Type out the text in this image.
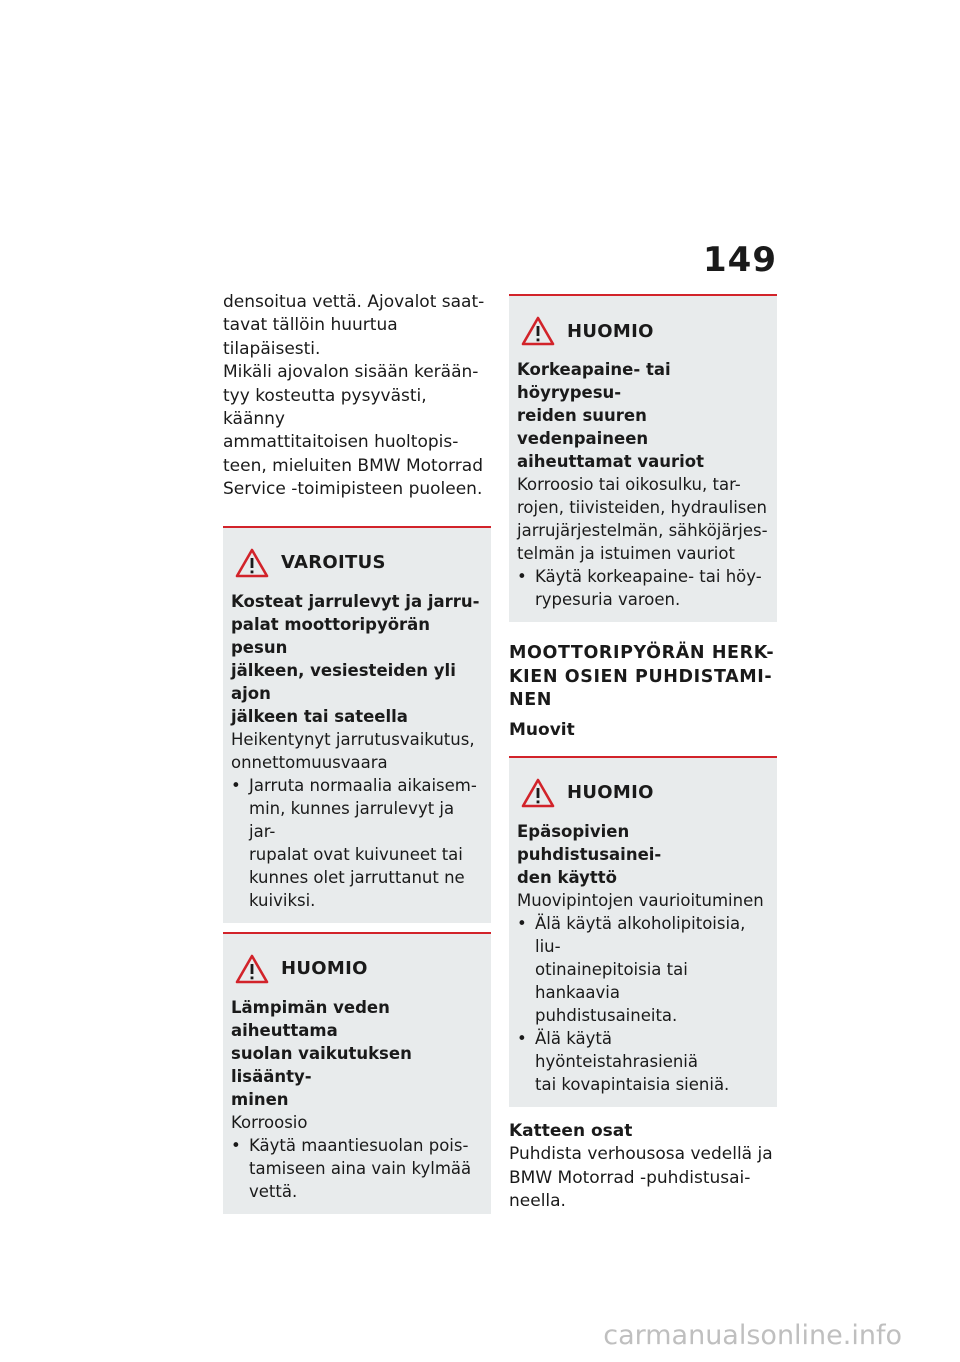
149

densoitua vettä. Ajovalot saat-
tavat tällöin huurtua tilapäisesti.
Mikäli ajovalon sisään kerään-
tyy kosteutta pysyvästi, käänny
ammattitaitoisen huoltopis-
teen, mieluiten BMW Motorrad
Service -toimipisteen puoleen.

VAROITUS

Kosteat jarrulevyt ja jarru-
palat moottoripyörän pesun
jälkeen, vesiesteiden yli ajon
jälkeen tai sateella

Heikentynyt jarrutusvaikutus,
onnettomuusvaara

• Jarruta normaalia aikaisem-
min, kunnes jarrulevyt ja jar-
rupalat ovat kuivuneet tai
kunnes olet jarruttanut ne
kuiviksi.
HUOMIO

Lämpimän veden aiheuttama
suolan vaikutuksen lisäänty-
minen

Korroosio

• Käytä maantiesuolan pois-
tamiseen aina vain kylmää
vettä.
HUOMIO

Korkeapaine- tai höyrypesu-
reiden suuren vedenpaineen
aiheuttamat vauriot

Korroosio tai oikosulku, tar-
rojen, tiivisteiden, hydraulisen
jarrujärjestelmän, sähköjärjes-
telmän ja istuimen vauriot

• Käytä korkeapaine- tai höy-
rypesuria varoen.
MOOTTORIPYÖRÄN HERK-
KIEN OSIEN PUHDISTAMI-
NEN
Muovit
HUOMIO

Epäsopivien puhdistusainei-
den käyttö

Muovipintojen vaurioituminen

• Älä käytä alkoholipitoisia, liu-
otinainepitoisia tai hankaavia
puhdistusaineita.
• Älä käytä hyönteistahrasieniä
tai kovapintaisia sieniä.
Katteen osat

Puhdista verhousosa vedellä ja
BMW Motorrad -puhdistusai-
neella.

carmanualsonline.info
